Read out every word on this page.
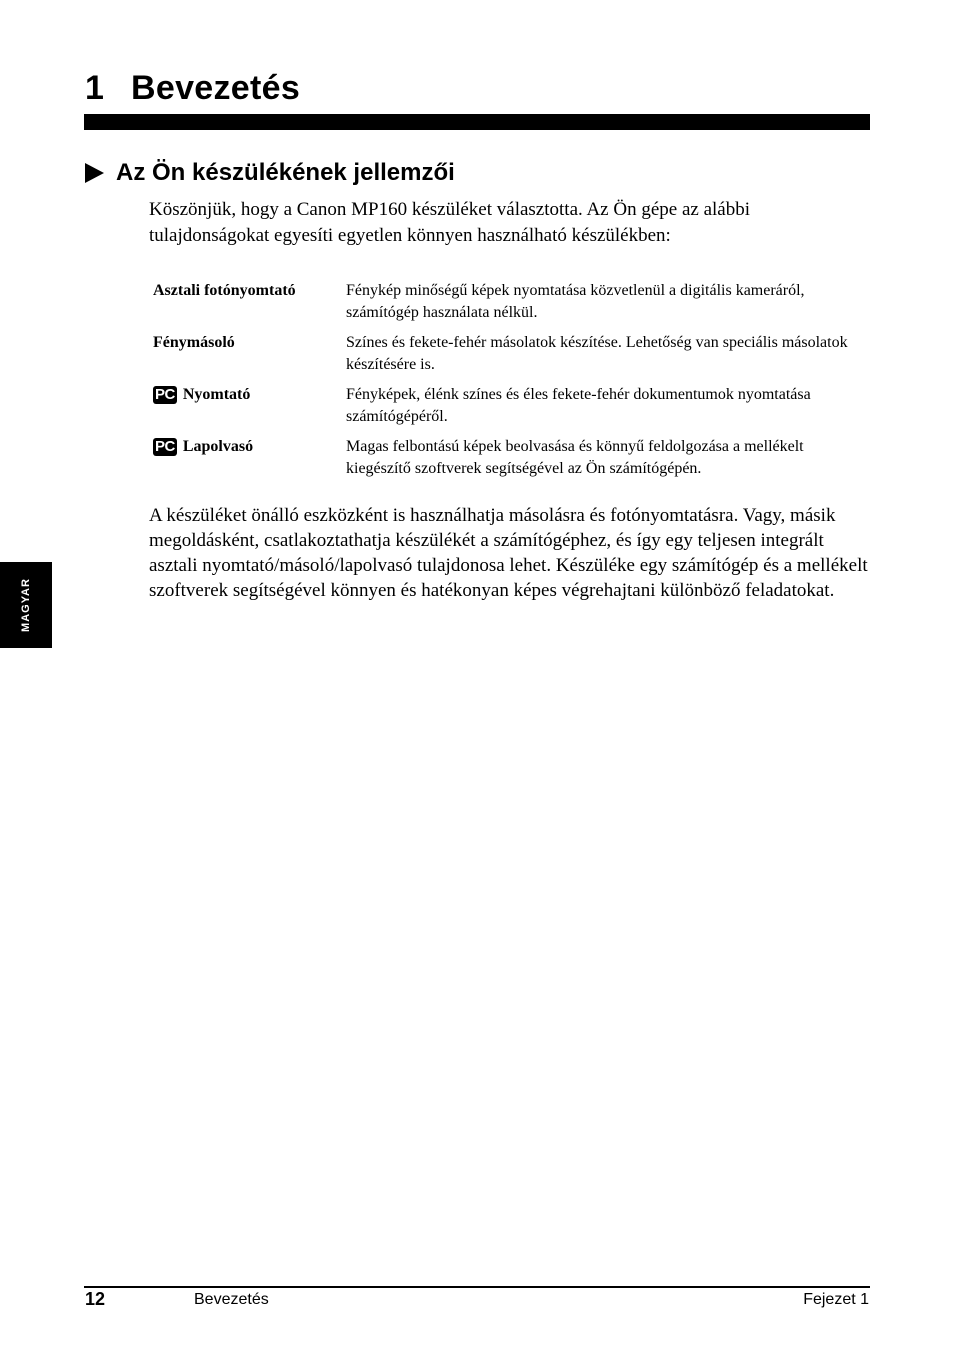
1 Bevezetés
Az Ön készülékének jellemzői

Köszönjük, hogy a Canon MP160 készüléket választotta. Az Ön gépe az alábbi tulajdonságokat egyesíti egyetlen könnyen használható készülékben:

Asztali fotónyomtató	Fénykép minőségű képek nyomtatása közvetlenül a digitális kameráról, számítógép használata nélkül.
Fénymásoló	Színes és fekete-fehér másolatok készítése. Lehetőség van speciális másolatok készítésére is.
PC Nyomtató	Fényképek, élénk színes és éles fekete-fehér dokumentumok nyomtatása számítógépéről.
PC Lapolvasó	Magas felbontású képek beolvasása és könnyű feldolgozása a mellékelt kiegészítő szoftverek segítségével az Ön számítógépén.

A készüléket önálló eszközként is használhatja másolásra és fotónyomtatásra. Vagy, másik megoldásként, csatlakoztathatja készülékét a számítógéphez, és így egy teljesen integrált asztali nyomtató/másoló/lapolvasó tulajdonosa lehet. Készüléke egy számítógép és a mellékelt szoftverek segítségével könnyen és hatékonyan képes végrehajtani különböző feladatokat.

MAGYAR
12	Bevezetés	Fejezet 1
